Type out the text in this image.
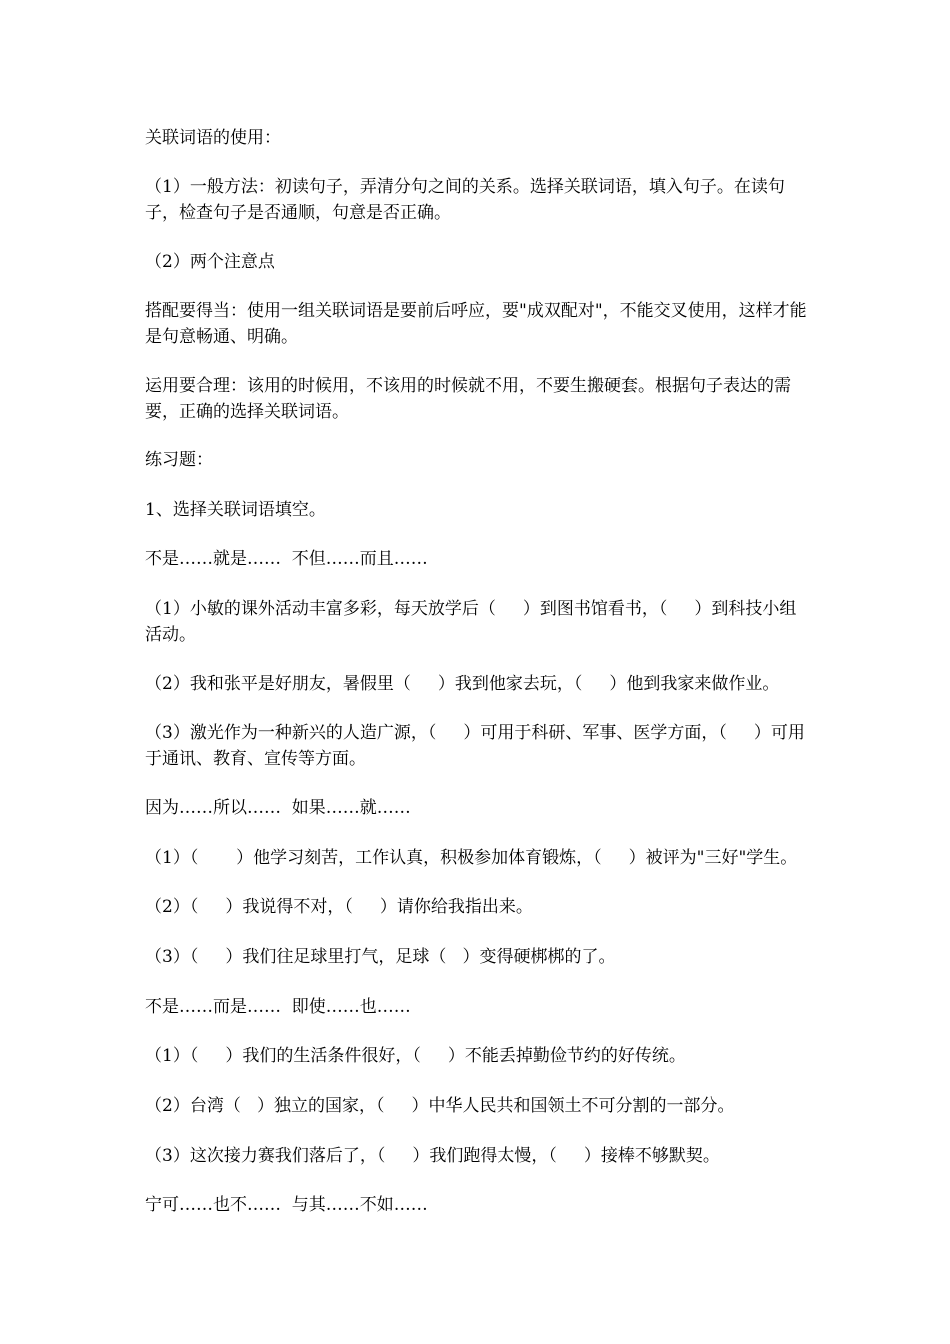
关联词语的使用：

（1）一般方法：初读句子，弄清分句之间的关系。选择关联词语，填入句子。在读句子，检查句子是否通顺，句意是否正确。

（2）两个注意点

搭配要得当：使用一组关联词语是要前后呼应，要"成双配对"，不能交叉使用，这样才能是句意畅通、明确。

运用要合理：该用的时候用，不该用的时候就不用，不要生搬硬套。根据句子表达的需要，正确的选择关联词语。

练习题：

1、选择关联词语填空。

不是……就是……  不但……而且……

（1）小敏的课外活动丰富多彩，每天放学后（     ）到图书馆看书，（     ）到科技小组活动。

（2）我和张平是好朋友，暑假里（     ）我到他家去玩，（     ）他到我家来做作业。

（3）激光作为一种新兴的人造广源，（     ）可用于科研、军事、医学方面，（     ）可用于通讯、教育、宣传等方面。

因为……所以……  如果……就……

（1）（       ）他学习刻苦，工作认真，积极参加体育锻炼，（     ）被评为"三好"学生。

（2）（     ）我说得不对，（     ）请你给我指出来。

（3）（     ）我们往足球里打气，足球（   ）变得硬梆梆的了。

不是……而是……  即使……也……

（1）（     ）我们的生活条件很好，（     ）不能丢掉勤俭节约的好传统。

（2）台湾（   ）独立的国家，（     ）中华人民共和国领土不可分割的一部分。

（3）这次接力赛我们落后了，（     ）我们跑得太慢，（     ）接棒不够默契。

宁可……也不……  与其……不如……
